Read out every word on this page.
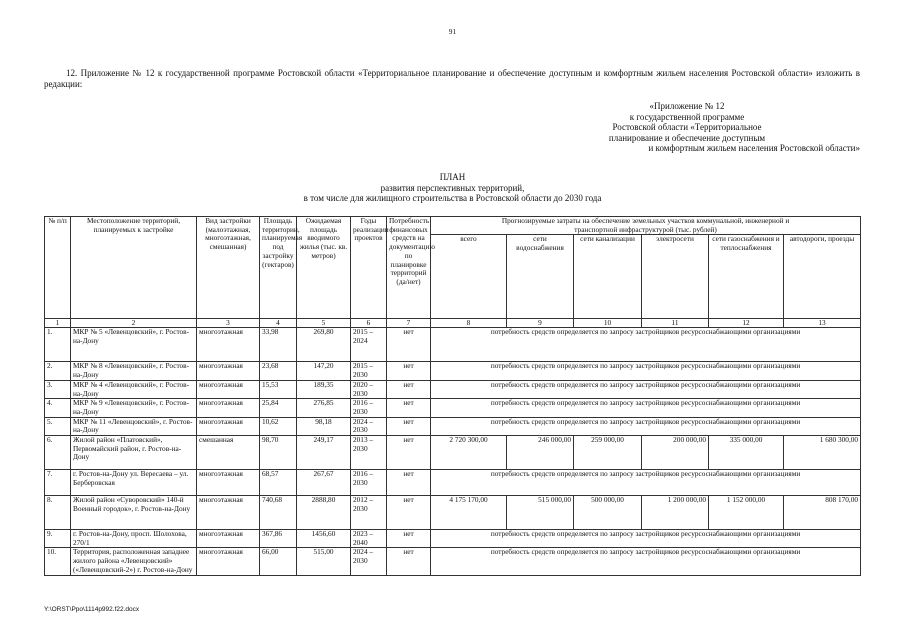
91
12. Приложение № 12 к государственной программе Ростовской области «Территориальное планирование и обеспечение доступным и комфортным жильем населения Ростовской области» изложить в редакции:
«Приложение № 12
к государственной программе
Ростовской области «Территориальное
планирование и обеспечение доступным
и комфортным жильем населения Ростовской области»
ПЛАН
развития перспективных территорий,
в том числе для жилищного строительства в Ростовской области до 2030 года
№ п/п	Местоположение территорий, планируемых к застройке	Вид застройки (малоэтажная, многоэтажная, смешанная)	Площадь территории, планируемая под застройку (гектаров)	Ожидаемая площадь вводимого жилья (тыс. кв. метров)	Годы реализации проектов	Потребность финансовых средств на документацию по планировке территорий (да/нет)	Прогнозируемые затраты на обеспечение земельных участков коммунальной, инженерной и транспортной инфраструктурой (тыс. рублей)					
							всего	сети водоснабжения	сети канализации	электросети	сети газоснабжения и теплоснабжения	автодороги, проезды
1	2	3	4	5	6	7	8	9	10	11	12	13
1.	МКР № 5 «Левенцовский», г. Ростов-на-Дону	многоэтажная	33,98	269,80	2015 – 2024	нет	потребность средств определяется по запросу застройщиков ресурсоснабжающими организациями					
2.	МКР № 8 «Левенцовский», г. Ростов-на-Дону	многоэтажная	23,68	147,20	2015 – 2030	нет	потребность средств определяется по запросу застройщиков ресурсоснабжающими организациями					
3.	МКР № 4 «Левенцовский», г. Ростов-на-Дону	многоэтажная	15,53	189,35	2020 – 2030	нет	потребность средств определяется по запросу застройщиков ресурсоснабжающими организациями					
4.	МКР № 9 «Левенцовский», г. Ростов-на-Дону	многоэтажная	25,84	276,85	2016 – 2030	нет	потребность средств определяется по запросу застройщиков ресурсоснабжающими организациями					
5.	МКР № 11 «Левенцовский», г. Ростов-на-Дону	многоэтажная	10,62	98,18	2024 – 2030	нет	потребность средств определяется по запросу застройщиков ресурсоснабжающими организациями					
6.	Жилой район «Платовский», Первомайский район, г. Ростов-на-Дону	смешанная	98,70	249,17	2013 – 2030	нет	2 720 300,00	246 000,00	259 000,00	200 000,00	335 000,00	1 680 300,00
7.	г. Ростов-на-Дону ул. Вересаева – ул. Берберовская	многоэтажная	68,57	267,67	2016 – 2030	нет	потребность средств определяется по запросу застройщиков ресурсоснабжающими организациями					
8.	Жилой район «Суворовский» 140-й Военный городок», г. Ростов-на-Дону	многоэтажная	740,68	2888,80	2012 – 2030	нет	4 175 170,00	515 000,00	500 000,00	1 200 000,00	1 152 000,00	808 170,00
9.	г. Ростов-на-Дону, просп. Шолохова, 270/1	многоэтажная	367,86	1456,60	2023 – 2040	нет	потребность средств определяется по запросу застройщиков ресурсоснабжающими организациями					
10.	Территория, расположенная западнее жилого района «Левенцовский» («Левенцовский-2») г. Ростов-на-Дону	многоэтажная	66,00	515,00	2024 – 2030	нет	потребность средств определяется по запросу застройщиков ресурсоснабжающими организациями					
Y:\ORST\Ppo\1114p992.f22.docx
